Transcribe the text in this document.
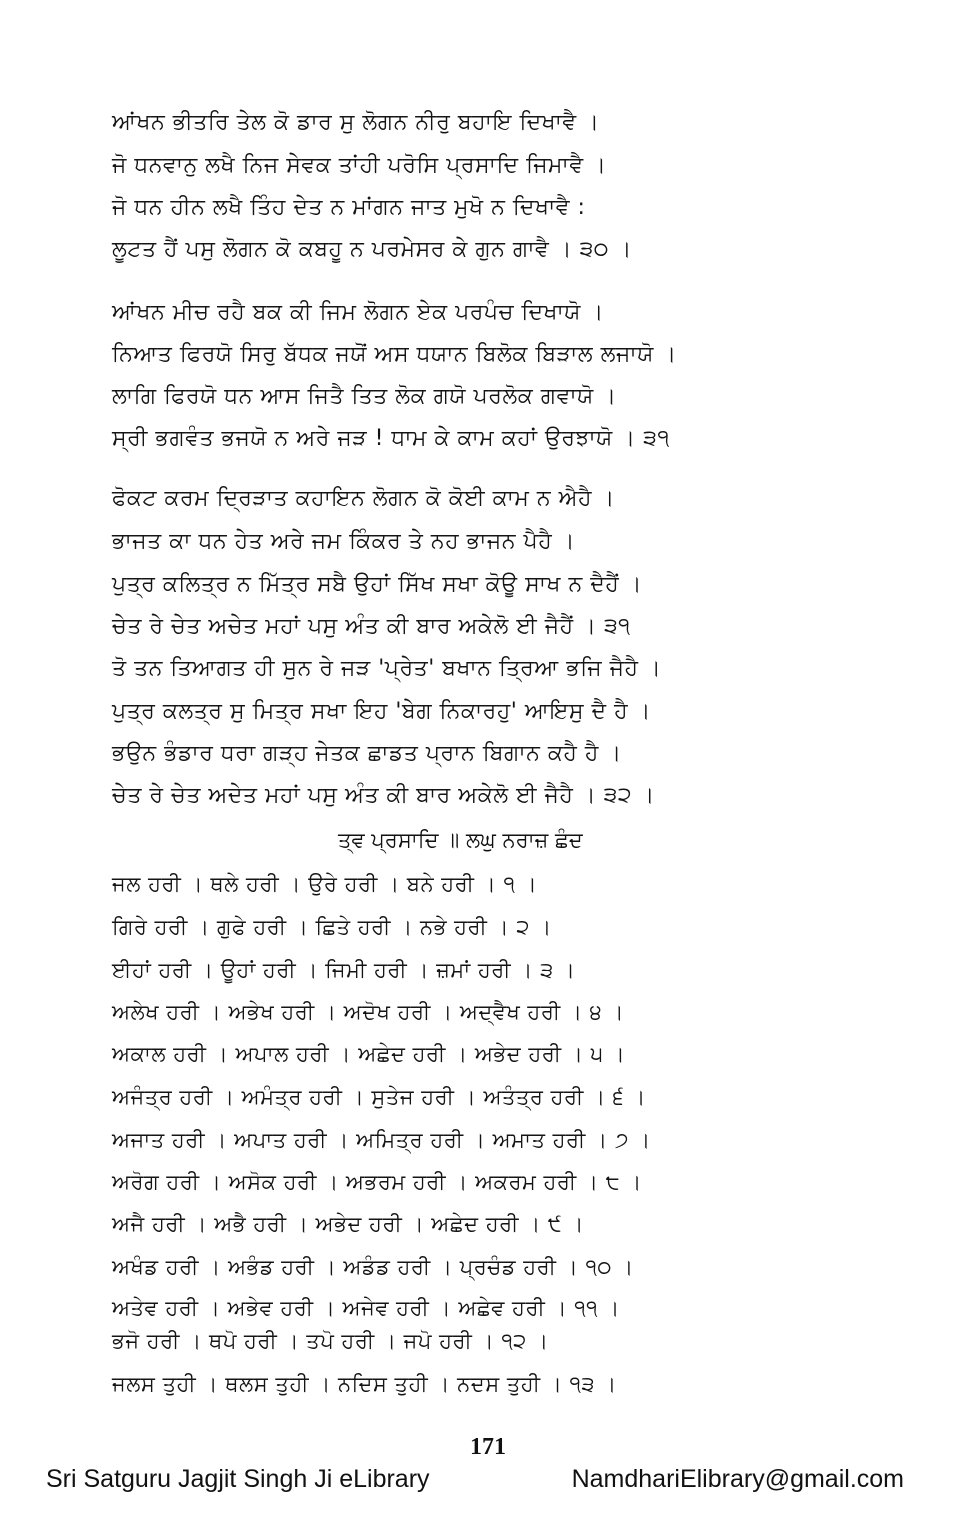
ਆਂਖਨ ਭੀਤਰਿ ਤੇਲ ਕੋ ਡਾਰ ਸੁ ਲੋਗਨ ਨੀਰੁ ਬਹਾਇ ਦਿਖਾਵੈ ।
ਜੋ ਧਨਵਾਨੁ ਲਖੈ ਨਿਜ ਸੇਵਕ ਤਾਂਹੀ ਪਰੋਸਿ ਪ੍ਰਸਾਦਿ ਜਿਮਾਵੈ ।
ਜੋ ਧਨ ਹੀਨ ਲਖੈ ਤਿੰਹ ਦੇਤ ਨ ਮਾਂਗਨ ਜਾਤ ਮੁਖੋ ਨ ਦਿਖਾਵੈ :
ਲੂਟਤ ਹੈਂ ਪਸੁ ਲੋਗਨ ਕੋ ਕਬਹੂ ਨ ਪਰਮੇਸਰ ਕੇ ਗੁਨ ਗਾਵੈ । ੩੦ ।
ਆਂਖਨ ਮੀਚ ਰਹੈ ਬਕ ਕੀ ਜਿਮ ਲੋਗਨ ਏਕ ਪਰਪੰਚ ਦਿਖਾਯੋ ।
ਨਿਆਤ ਫਿਰਯੋ ਸਿਰੁ ਬੱਧਕ ਜਯੋਂ ਅਸ ਧਯਾਨ ਬਿਲੋਕ ਬਿੜਾਲ ਲਜਾਯੋ ।
ਲਾਗਿ ਫਿਰਯੋ ਧਨ ਆਸ ਜਿਤੈ ਤਿਤ ਲੋਕ ਗਯੋ ਪਰਲੋਕ ਗਵਾਯੋ ।
ਸ੍ਰੀ ਭਗਵੰਤ ਭਜਯੋ ਨ ਅਰੇ ਜੜ ! ਧਾਮ ਕੇ ਕਾਮ ਕਹਾਂ ਉਰਝਾਯੋ । ੩੧
ਫੋਕਟ ਕਰਮ ਦ੍ਰਿੜਾਤ ਕਹਾਇਨ ਲੋਗਨ ਕੋ ਕੋਈ ਕਾਮ ਨ ਐਹੈ ।
ਭਾਜਤ ਕਾ ਧਨ ਹੇਤ ਅਰੇ ਜਮ ਕਿੰਕਰ ਤੇ ਨਹ ਭਾਜਨ ਪੈਹੈ ।
ਪੁਤ੍ਰ ਕਲਿਤ੍ਰ ਨ ਮਿੱਤ੍ਰ ਸਬੈ ਉਹਾਂ ਸਿੱਖ ਸਖਾ ਕੋਊ ਸਾਖ ਨ ਦੈਹੈਂ ।
ਚੇਤ ਰੇ ਚੇਤ ਅਚੇਤ ਮਹਾਂ ਪਸੁ ਅੰਤ ਕੀ ਬਾਰ ਅਕੇਲੋ ਈ ਜੈਹੈਂ । ੩੧
ਤੋ ਤਨ ਤਿਆਗਤ ਹੀ ਸੁਨ ਰੇ ਜੜ 'ਪ੍ਰੇਤ' ਬਖਾਨ ਤ੍ਰਿਆ ਭਜਿ ਜੈਹੈ ।
ਪੁਤ੍ਰ ਕਲਤ੍ਰ ਸੁ ਮਿਤ੍ਰ ਸਖਾ ਇਹ 'ਬੇਗ ਨਿਕਾਰਹੁ' ਆਇਸੁ ਦੈ ਹੈ ।
ਭਉਨ ਭੰਡਾਰ ਧਰਾ ਗੜ੍ਹ ਜੇਤਕ ਛਾਡਤ ਪ੍ਰਾਨ ਬਿਗਾਨ ਕਹੈ ਹੈ ।
ਚੇਤ ਰੇ ਚੇਤ ਅਦੇਤ ਮਹਾਂ ਪਸੁ ਅੰਤ ਕੀ ਬਾਰ ਅਕੇਲੋ ਈ ਜੈਹੈ । ੩੨ ।
ਤ੍ਵ ਪ੍ਰਸਾਦਿ ॥ ਲਘੁ ਨਰਾਜ਼ ਛੰਦ
ਜਲ ਹਰੀ । ਥਲੇ ਹਰੀ । ਉਰੇ ਹਰੀ । ਬਨੇ ਹਰੀ । ੧ ।
ਗਿਰੇ ਹਰੀ । ਗੁਫੇ ਹਰੀ । ਛਿਤੇ ਹਰੀ । ਨਭੇ ਹਰੀ । ੨ ।
ਈਹਾਂ ਹਰੀ । ਊਹਾਂ ਹਰੀ । ਜਿਮੀ ਹਰੀ । ਜ਼ਮਾਂ ਹਰੀ । ੩ ।
ਅਲੇਖ ਹਰੀ । ਅਭੇਖ ਹਰੀ । ਅਦੋਖ ਹਰੀ । ਅਦ੍ਵੈਖ ਹਰੀ । ੪ ।
ਅਕਾਲ ਹਰੀ । ਅਪਾਲ ਹਰੀ । ਅਛੇਦ ਹਰੀ । ਅਭੇਦ ਹਰੀ । ੫ ।
ਅਜੰਤ੍ਰ ਹਰੀ । ਅਮੰਤ੍ਰ ਹਰੀ । ਸੁਤੇਜ ਹਰੀ । ਅਤੰਤ੍ਰ ਹਰੀ । ੬ ।
ਅਜਾਤ ਹਰੀ । ਅਪਾਤ ਹਰੀ । ਅਮਿਤ੍ਰ ਹਰੀ । ਅਮਾਤ ਹਰੀ । ੭ ।
ਅਰੋਗ ਹਰੀ । ਅਸੋਕ ਹਰੀ । ਅਭਰਮ ਹਰੀ । ਅਕਰਮ ਹਰੀ । ੮ ।
ਅਜੈ ਹਰੀ । ਅਭੈ ਹਰੀ । ਅਭੇਦ ਹਰੀ । ਅਛੇਦ ਹਰੀ । ੯ ।
ਅਖੰਡ ਹਰੀ । ਅਭੰਡ ਹਰੀ । ਅਡੰਡ ਹਰੀ । ਪ੍ਰਚੰਡ ਹਰੀ । ੧੦ ।
ਅਤੇਵ ਹਰੀ । ਅਭੇਵ ਹਰੀ । ਅਜੇਵ ਹਰੀ । ਅਛੇਵ ਹਰੀ । ੧੧ ।
ਭਜੋ ਹਰੀ । ਥਪੋ ਹਰੀ । ਤਪੋ ਹਰੀ । ਜਪੋ ਹਰੀ । ੧੨ ।
ਜਲਸ ਤੁਹੀ । ਥਲਸ ਤੁਹੀ । ਨਦਿਸ ਤੁਹੀ । ਨਦਸ ਤੁਹੀ । ੧੩ ।
171
Sri Satguru Jagjit Singh Ji eLibrary	NamdhariElibrary@gmail.com
